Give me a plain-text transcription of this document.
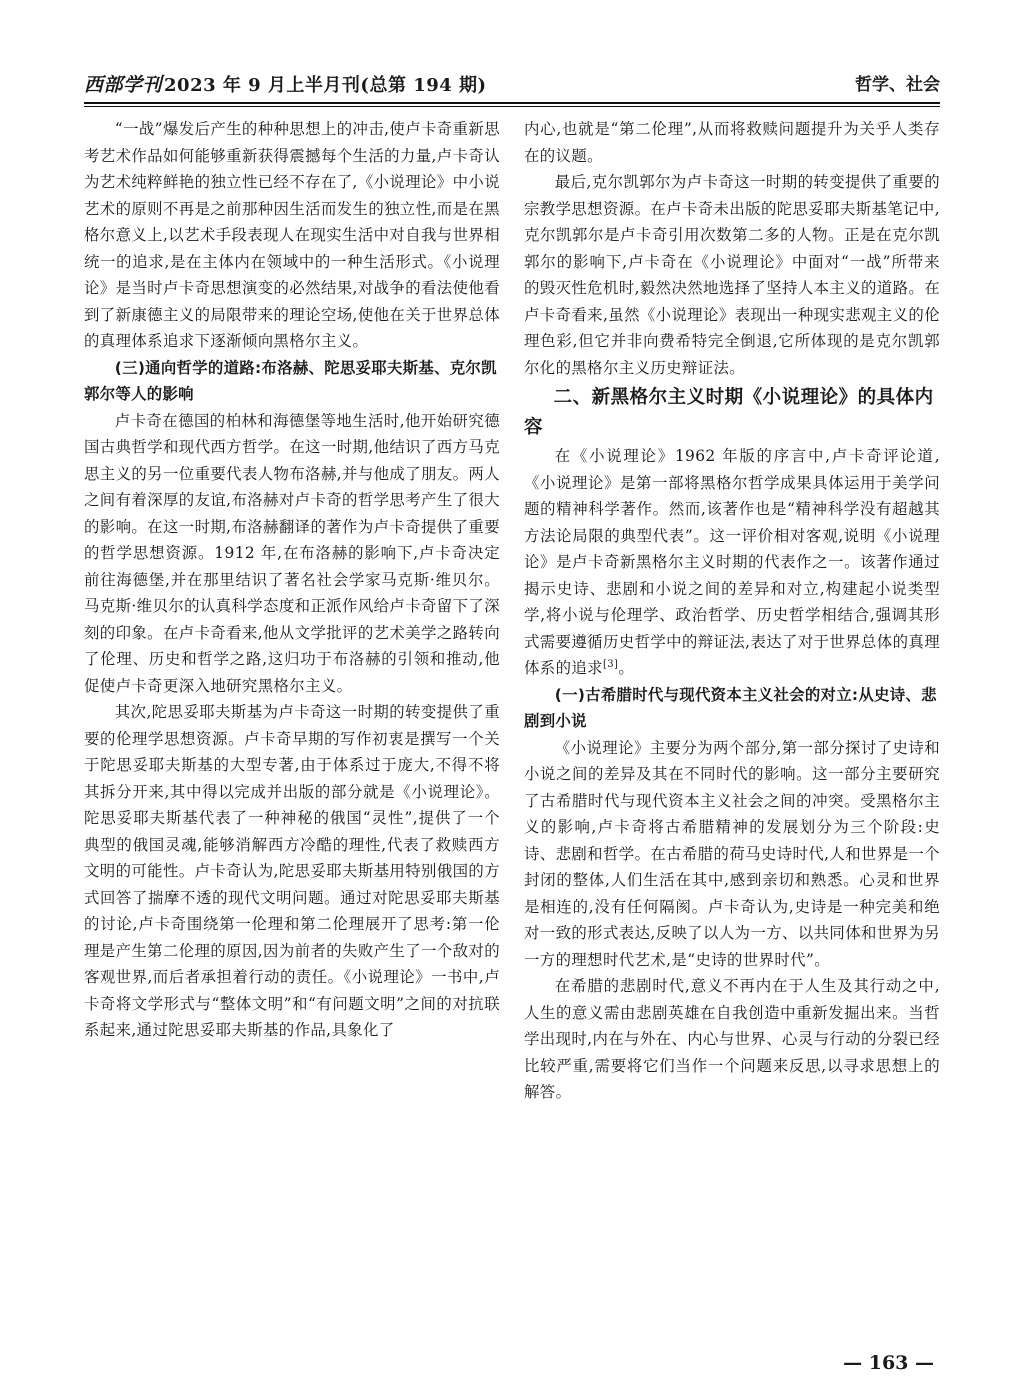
西部学刊 2023 年 9 月上半月刊(总第 194 期)	哲学、社会

“一战”爆发后产生的种种思想上的冲击,使卢卡奇重新思考艺术作品如何能够重新获得震撼每个生活的力量,卢卡奇认为艺术纯粹鲜艳的独立性已经不存在了,《小说理论》中小说艺术的原则不再是之前那种因生活而发生的独立性,而是在黑格尔意义上,以艺术手段表现人在现实生活中对自我与世界相统一的追求,是在主体内在领域中的一种生活形式。《小说理论》是当时卢卡奇思想演变的必然结果,对战争的看法使他看到了新康德主义的局限带来的理论空场,使他在关于世界总体的真理体系追求下逐渐倾向黑格尔主义。

(三)通向哲学的道路:布洛赫、陀思妥耶夫斯基、克尔凯郭尔等人的影响

卢卡奇在德国的柏林和海德堡等地生活时,他开始研究德国古典哲学和现代西方哲学。在这一时期,他结识了西方马克思主义的另一位重要代表人物布洛赫,并与他成了朋友。两人之间有着深厚的友谊,布洛赫对卢卡奇的哲学思考产生了很大的影响。在这一时期,布洛赫翻译的著作为卢卡奇提供了重要的哲学思想资源。1912 年,在布洛赫的影响下,卢卡奇决定前往海德堡,并在那里结识了著名社会学家马克斯·维贝尔。马克斯·维贝尔的认真科学态度和正派作风给卢卡奇留下了深刻的印象。在卢卡奇看来,他从文学批评的艺术美学之路转向了伦理、历史和哲学之路,这归功于布洛赫的引领和推动,他促使卢卡奇更深入地研究黑格尔主义。

其次,陀思妥耶夫斯基为卢卡奇这一时期的转变提供了重要的伦理学思想资源。卢卡奇早期的写作初衷是撰写一个关于陀思妥耶夫斯基的大型专著,由于体系过于庞大,不得不将其拆分开来,其中得以完成并出版的部分就是《小说理论》。陀思妥耶夫斯基代表了一种神秘的俄国“灵性”,提供了一个典型的俄国灵魂,能够消解西方冷酷的理性,代表了救赎西方文明的可能性。卢卡奇认为,陀思妥耶夫斯基用特别俄国的方式回答了揣摩不透的现代文明问题。通过对陀思妥耶夫斯基的讨论,卢卡奇围绕第一伦理和第二伦理展开了思考:第一伦理是产生第二伦理的原因,因为前者的失败产生了一个敌对的客观世界,而后者承担着行动的责任。《小说理论》一书中,卢卡奇将文学形式与“整体文明”和“有问题文明”之间的对抗联系起来,通过陀思妥耶夫斯基的作品,具象化了

内心,也就是“第二伦理”,从而将救赎问题提升为关乎人类存在的议题。

最后,克尔凯郭尔为卢卡奇这一时期的转变提供了重要的宗教学思想资源。在卢卡奇未出版的陀思妥耶夫斯基笔记中,克尔凯郭尔是卢卡奇引用次数第二多的人物。正是在克尔凯郭尔的影响下,卢卡奇在《小说理论》中面对“一战”所带来的毁灭性危机时,毅然决然地选择了坚持人本主义的道路。在卢卡奇看来,虽然《小说理论》表现出一种现实悲观主义的伦理色彩,但它并非向费希特完全倒退,它所体现的是克尔凯郭尔化的黑格尔主义历史辩证法。

二、新黑格尔主义时期《小说理论》的具体内容

在《小说理论》1962 年版的序言中,卢卡奇评论道,《小说理论》是第一部将黑格尔哲学成果具体运用于美学问题的精神科学著作。然而,该著作也是“精神科学没有超越其方法论局限的典型代表”。这一评价相对客观,说明《小说理论》是卢卡奇新黑格尔主义时期的代表作之一。该著作通过揭示史诗、悲剧和小说之间的差异和对立,构建起小说类型学,将小说与伦理学、政治哲学、历史哲学相结合,强调其形式需要遵循历史哲学中的辩证法,表达了对于世界总体的真理体系的追求[3]。

(一)古希腊时代与现代资本主义社会的对立:从史诗、悲剧到小说

《小说理论》主要分为两个部分,第一部分探讨了史诗和小说之间的差异及其在不同时代的影响。这一部分主要研究了古希腊时代与现代资本主义社会之间的冲突。受黑格尔主义的影响,卢卡奇将古希腊精神的发展划分为三个阶段:史诗、悲剧和哲学。在古希腊的荷马史诗时代,人和世界是一个封闭的整体,人们生活在其中,感到亲切和熟悉。心灵和世界是相连的,没有任何隔阂。卢卡奇认为,史诗是一种完美和绝对一致的形式表达,反映了以人为一方、以共同体和世界为另一方的理想时代艺术,是“史诗的世界时代”。

在希腊的悲剧时代,意义不再内在于人生及其行动之中,人生的意义需由悲剧英雄在自我创造中重新发掘出来。当哲学出现时,内在与外在、内心与世界、心灵与行动的分裂已经比较严重,需要将它们当作一个问题来反思,以寻求思想上的解答。

— 163 —
